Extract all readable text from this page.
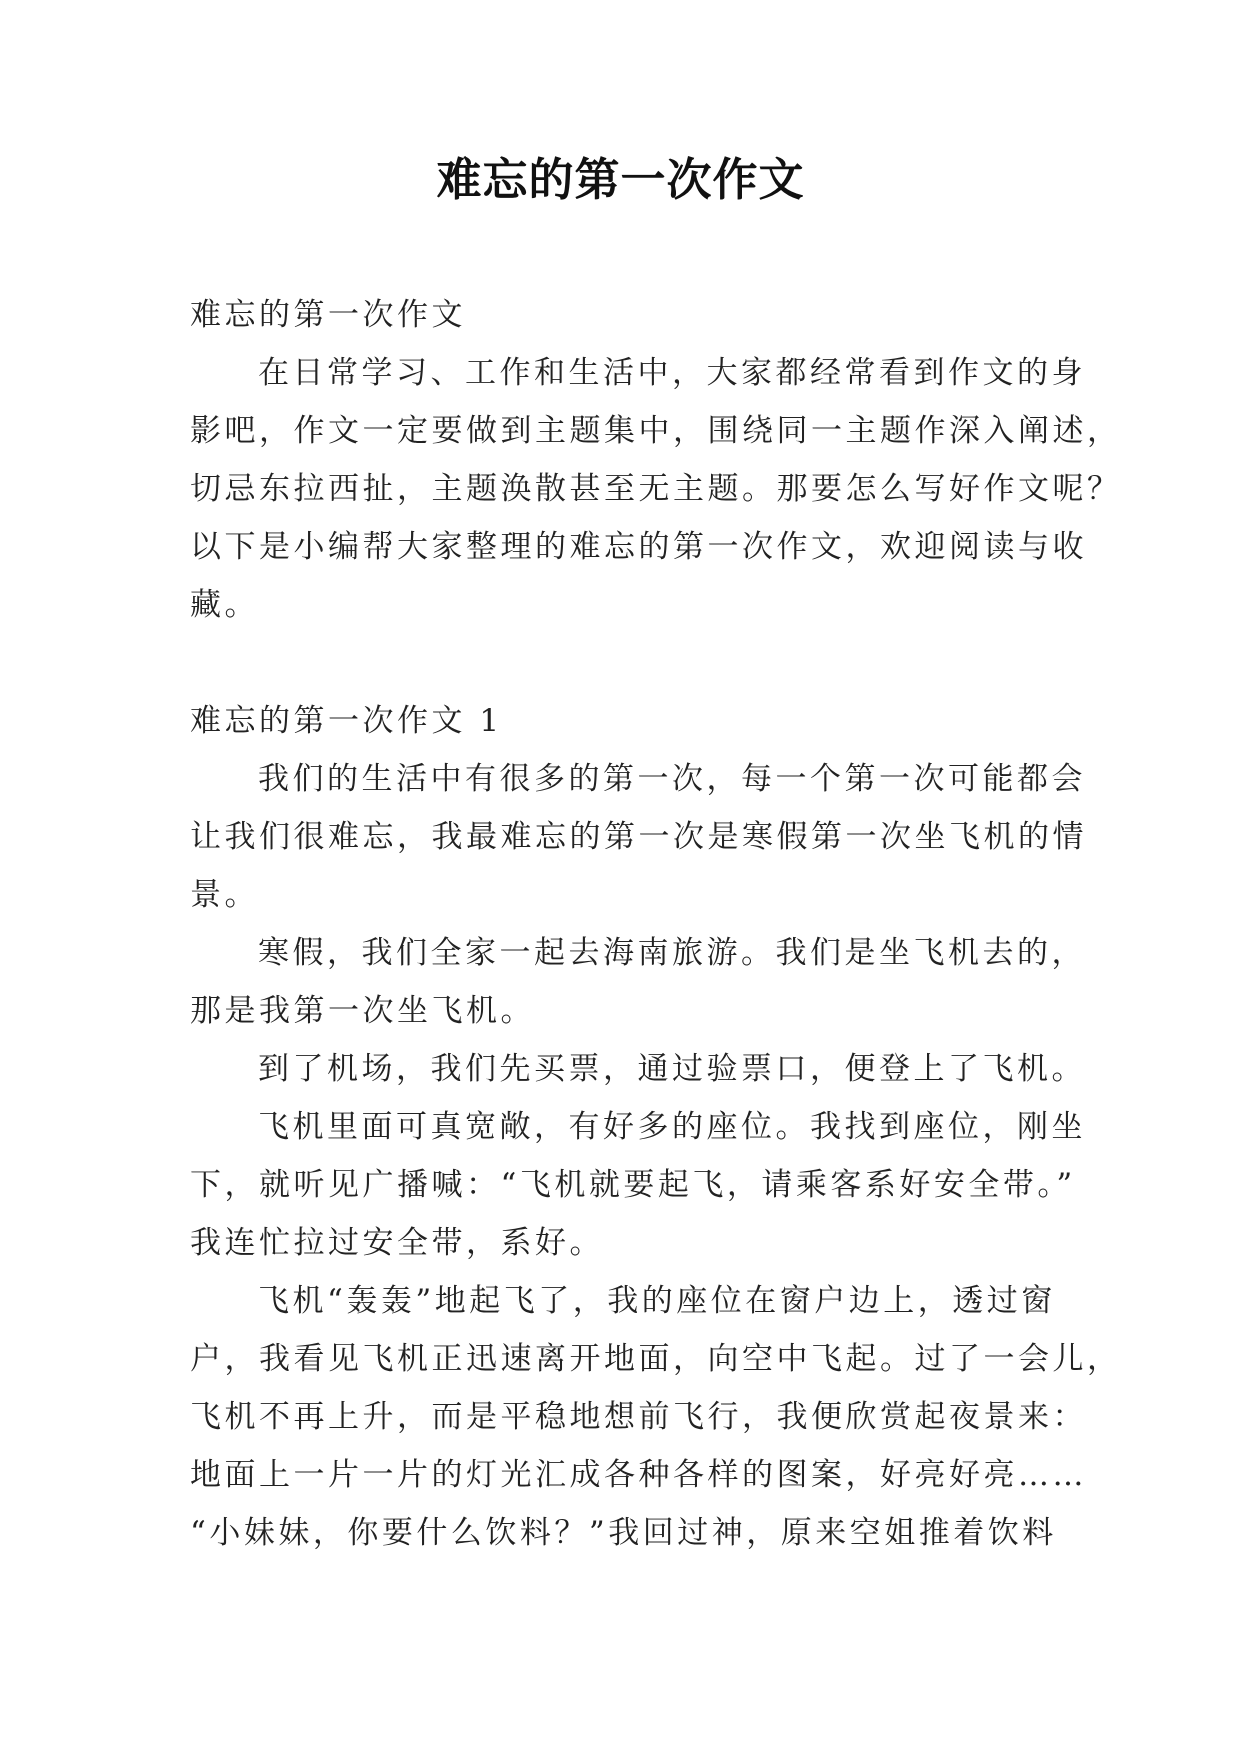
难忘的第一次作文
难忘的第一次作文
在日常学习、工作和生活中，大家都经常看到作文的身
影吧，作文一定要做到主题集中，围绕同一主题作深入阐述，
切忌东拉西扯，主题涣散甚至无主题。那要怎么写好作文呢？
以下是小编帮大家整理的难忘的第一次作文，欢迎阅读与收
藏。
难忘的第一次作文 1
我们的生活中有很多的第一次，每一个第一次可能都会
让我们很难忘，我最难忘的第一次是寒假第一次坐飞机的情
景。
寒假，我们全家一起去海南旅游。我们是坐飞机去的，
那是我第一次坐飞机。
到了机场，我们先买票，通过验票口，便登上了飞机。
飞机里面可真宽敞，有好多的座位。我找到座位，刚坐
下，就听见广播喊：“飞机就要起飞，请乘客系好安全带。”
我连忙拉过安全带，系好。
飞机“轰轰”地起飞了，我的座位在窗户边上，透过窗
户，我看见飞机正迅速离开地面，向空中飞起。过了一会儿，
飞机不再上升，而是平稳地想前飞行，我便欣赏起夜景来：
地面上一片一片的灯光汇成各种各样的图案，好亮好亮……
“小妹妹，你要什么饮料？”我回过神，原来空姐推着饮料
